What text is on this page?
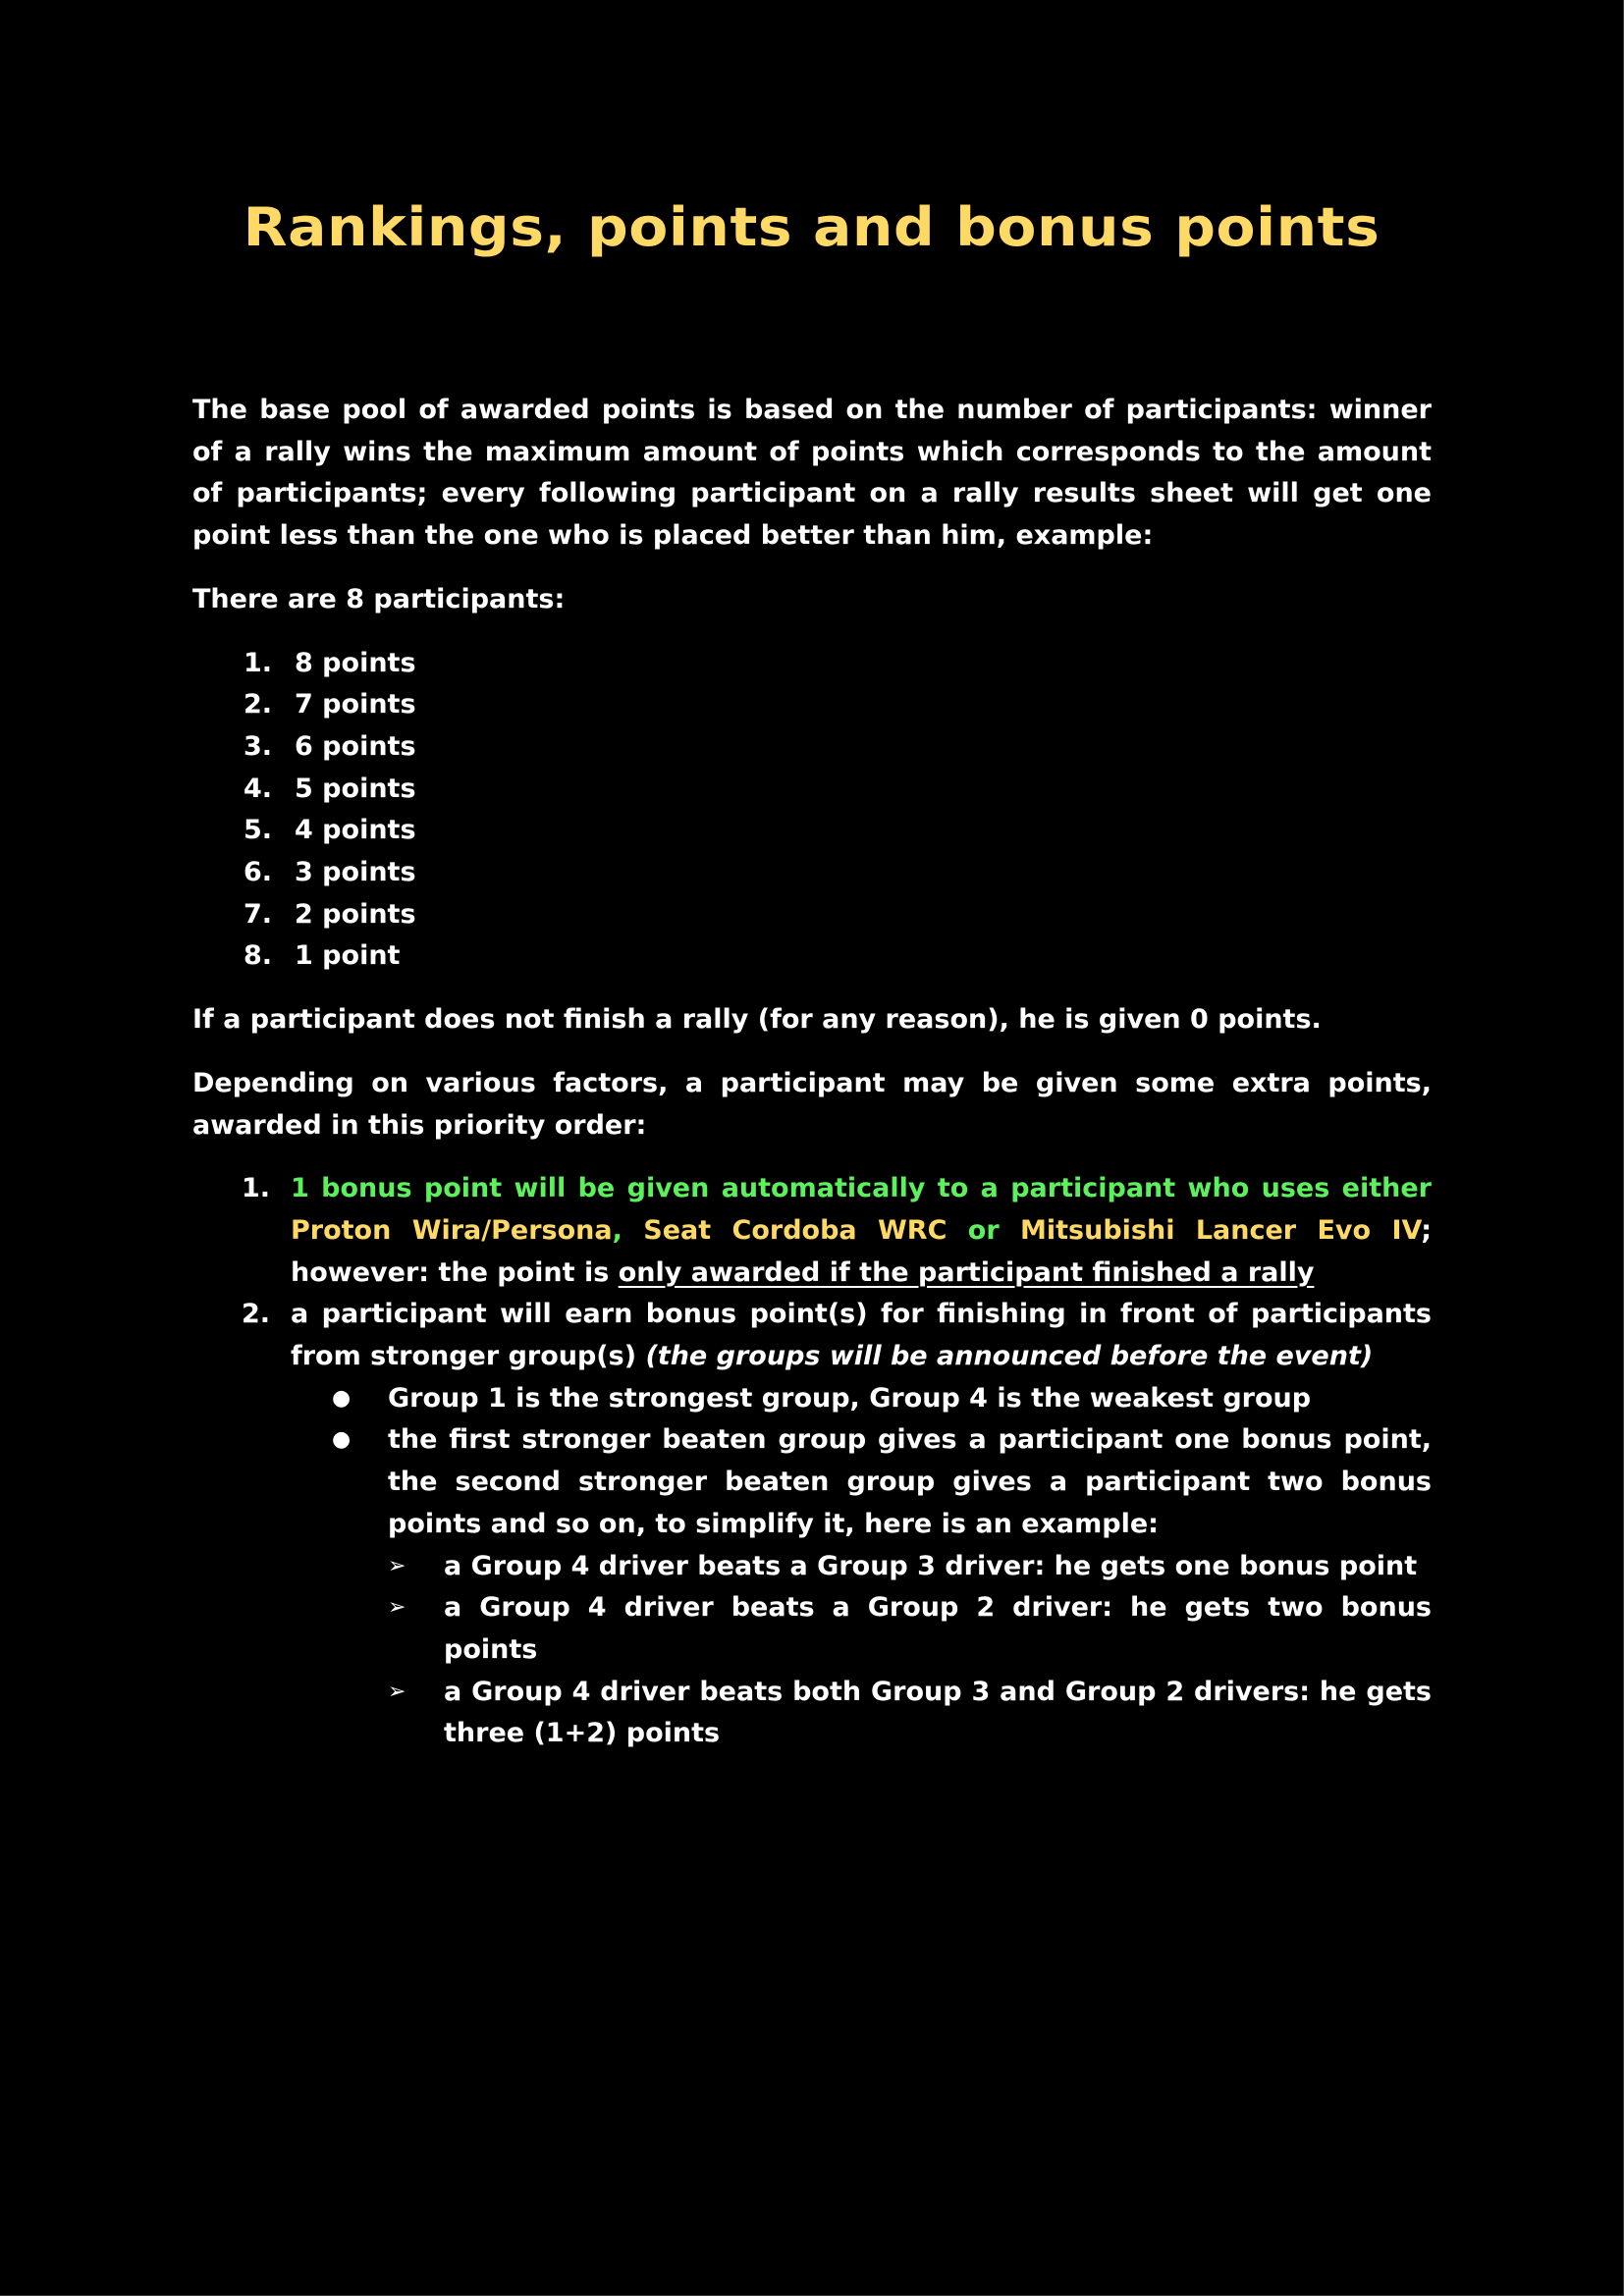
Rankings, points and bonus points

The base pool of awarded points is based on the number of participants: winner of a rally wins the maximum amount of points which corresponds to the amount of participants; every following participant on a rally results sheet will get one point less than the one who is placed better than him, example:

There are 8 participants:

1. 8 points
2. 7 points
3. 6 points
4. 5 points
5. 4 points
6. 3 points
7. 2 points
8. 1 point

If a participant does not finish a rally (for any reason), he is given 0 points.

Depending on various factors, a participant may be given some extra points, awarded in this priority order:

1. 1 bonus point will be given automatically to a participant who uses either Proton Wira/Persona, Seat Cordoba WRC or Mitsubishi Lancer Evo IV; however: the point is only awarded if the participant finished a rally
2. a participant will earn bonus point(s) for finishing in front of participants from stronger group(s) (the groups will be announced before the event)
●	Group 1 is the strongest group, Group 4 is the weakest group
●	the first stronger beaten group gives a participant one bonus point, the second stronger beaten group gives a participant two bonus points and so on, to simplify it, here is an example:
➢	a Group 4 driver beats a Group 3 driver: he gets one bonus point
➢	a Group 4 driver beats a Group 2 driver: he gets two bonus points
➢	a Group 4 driver beats both Group 3 and Group 2 drivers: he gets three (1+2) points
